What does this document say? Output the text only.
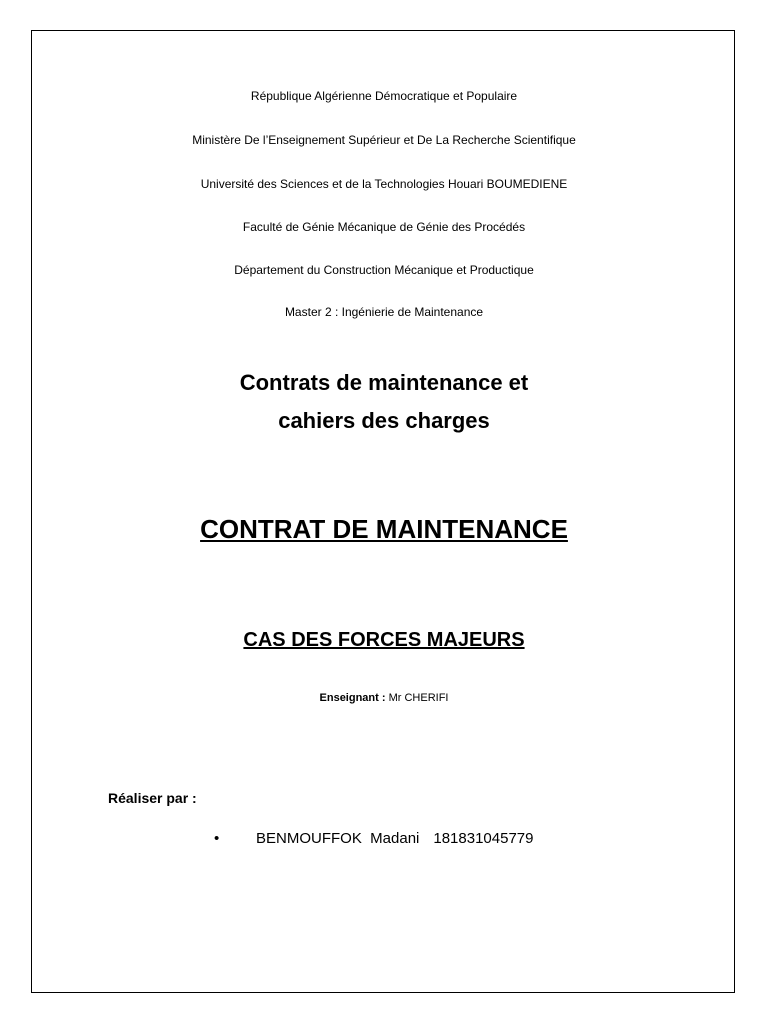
République Algérienne Démocratique et Populaire
Ministère De l’Enseignement Supérieur et De La Recherche Scientifique
Université des Sciences et de la Technologies Houari BOUMEDIENE
Faculté de Génie Mécanique de Génie des Procédés
Département du Construction Mécanique et Productique
Master 2 : Ingénierie de Maintenance
Contrats de maintenance et
cahiers des charges
CONTRAT DE MAINTENANCE
CAS DES FORCES MAJEURS
Enseignant : Mr CHERIFI
Réaliser par :
• BENMOUFFOK  Madani 181831045779
